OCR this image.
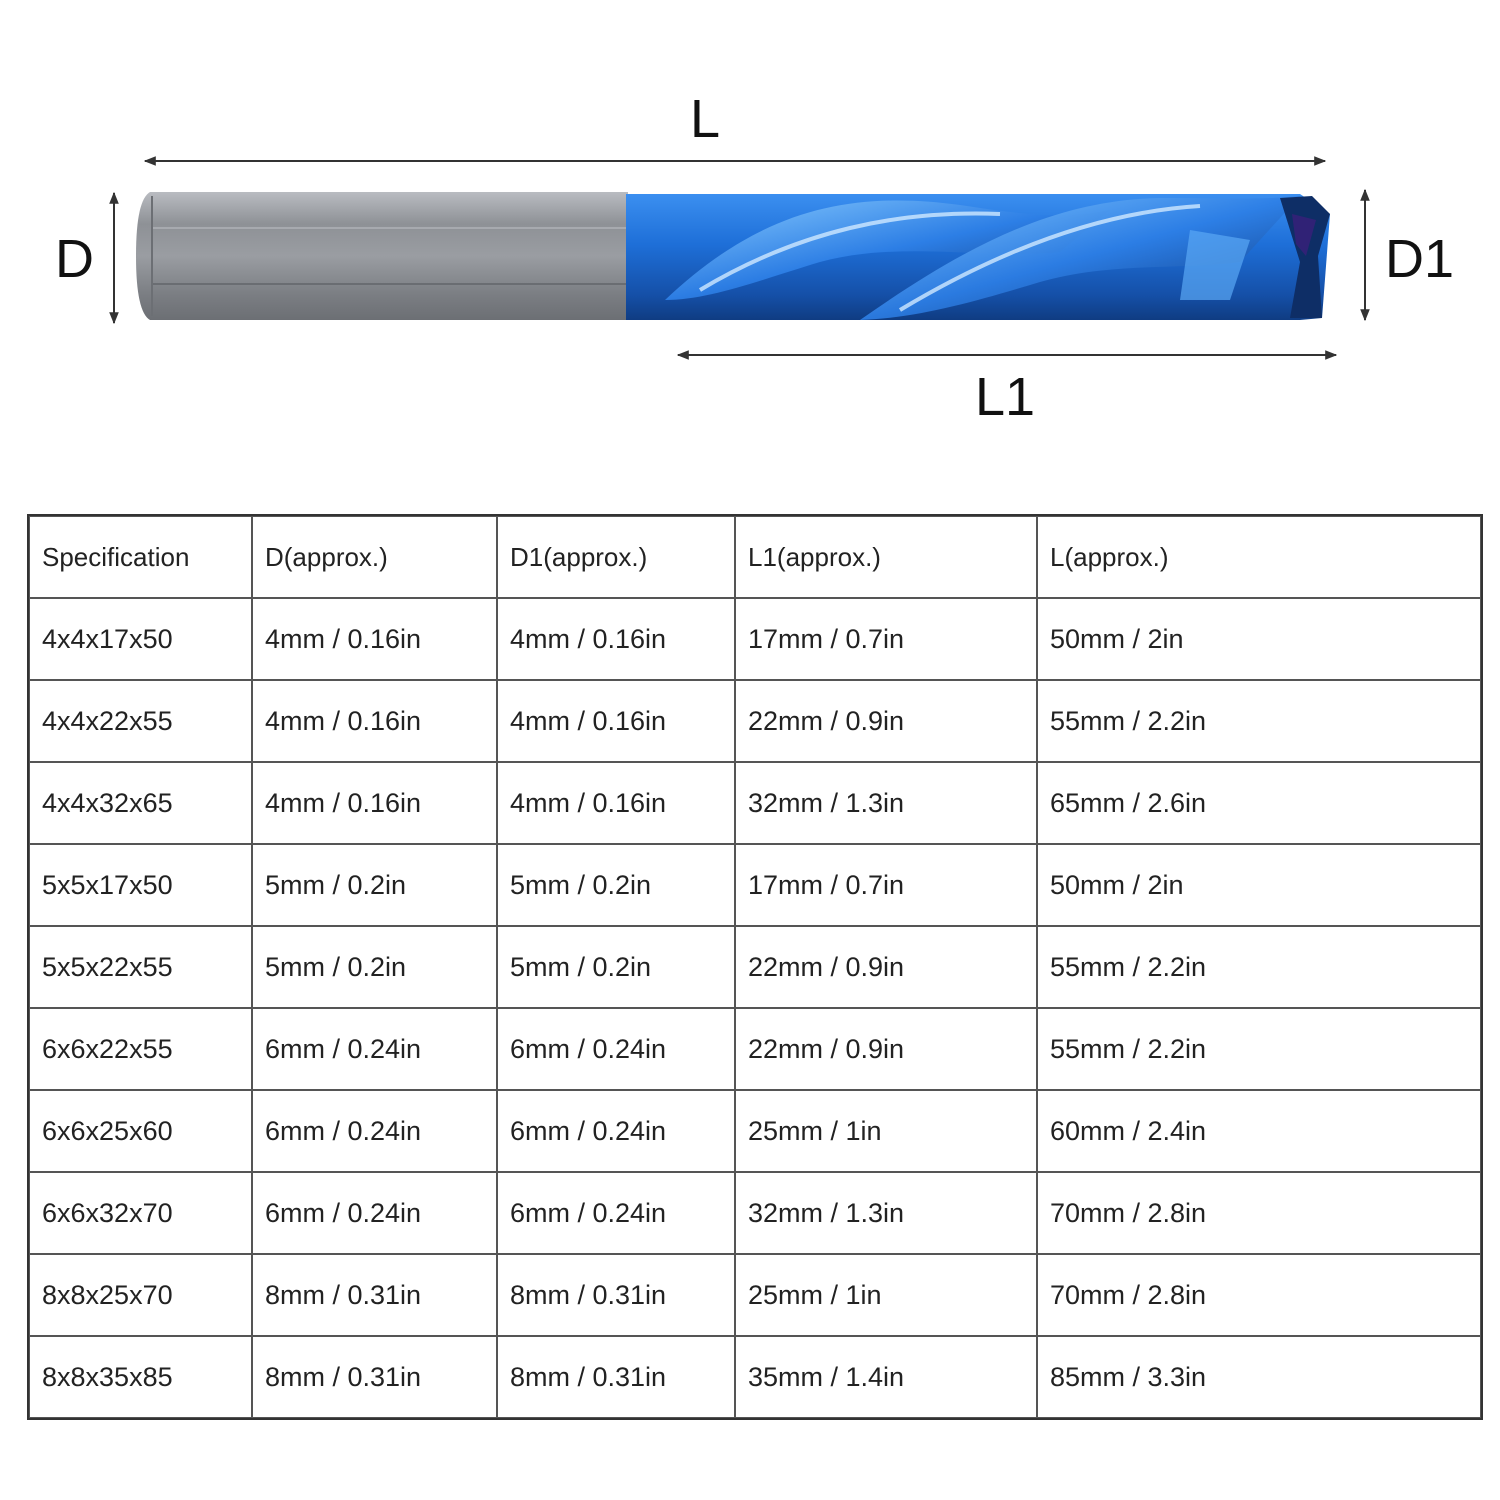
L
D	D1
L1
Specification	D(approx.)	D1(approx.)	L1(approx.)	L(approx.)
4x4x17x50	4mm / 0.16in	4mm / 0.16in	17mm / 0.7in	50mm / 2in
4x4x22x55	4mm / 0.16in	4mm / 0.16in	22mm / 0.9in	55mm / 2.2in
4x4x32x65	4mm / 0.16in	4mm / 0.16in	32mm / 1.3in	65mm / 2.6in
5x5x17x50	5mm / 0.2in	5mm / 0.2in	17mm / 0.7in	50mm / 2in
5x5x22x55	5mm / 0.2in	5mm / 0.2in	22mm / 0.9in	55mm / 2.2in
6x6x22x55	6mm / 0.24in	6mm / 0.24in	22mm / 0.9in	55mm / 2.2in
6x6x25x60	6mm / 0.24in	6mm / 0.24in	25mm / 1in	60mm / 2.4in
6x6x32x70	6mm / 0.24in	6mm / 0.24in	32mm / 1.3in	70mm / 2.8in
8x8x25x70	8mm / 0.31in	8mm / 0.31in	25mm / 1in	70mm / 2.8in
8x8x35x85	8mm / 0.31in	8mm / 0.31in	35mm / 1.4in	85mm / 3.3in
